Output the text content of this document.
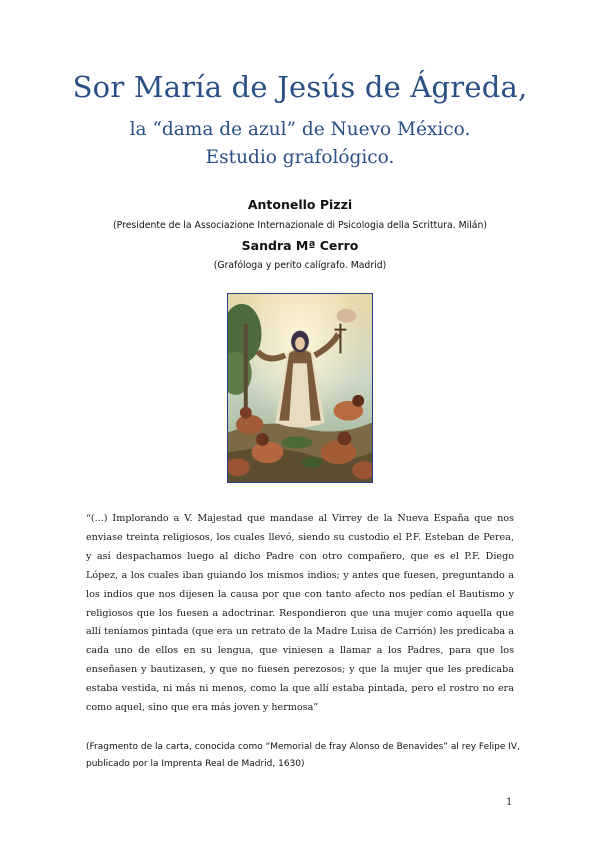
Sor María de Jesús de Ágreda,
la “dama de azul” de Nuevo México.
Estudio grafológico.
Antonello Pizzi
(Presidente de la Associazione Internazionale di Psicologia della Scrittura. Milán)
Sandra Mª Cerro
(Grafóloga y perito calígrafo. Madrid)

“(...) Implorando a V. Majestad que mandase al Virrey de la Nueva España que nos enviase treinta religiosos, los cuales llevó, siendo su custodio el P.F. Esteban de Perea, y así despachamos luego al dicho Padre con otro compañero, que es el P.F. Diego López, a los cuales iban guiando los mismos indios; y antes que fuesen, preguntando a los indios que nos dijesen la causa por que con tanto afecto nos pedían el Bautismo y religiosos que los fuesen a adoctrinar. Respondieron que una mujer como aquella que allí teníamos pintada (que era un retrato de la Madre Luisa de Carrión) les predicaba a cada uno de ellos en su lengua, que viniesen a llamar a los Padres, para que los enseñasen y bautizasen, y que no fuesen perezosos; y que la mujer que les predicaba estaba vestida, ni más ni menos, como la que allí estaba pintada, pero el rostro no era como aquel, sino que era más joven y hermosa”

(Fragmento de la carta, conocida como “Memorial de fray Alonso de Benavides” al rey Felipe IV, publicado por la Imprenta Real de Madrid, 1630)

1
